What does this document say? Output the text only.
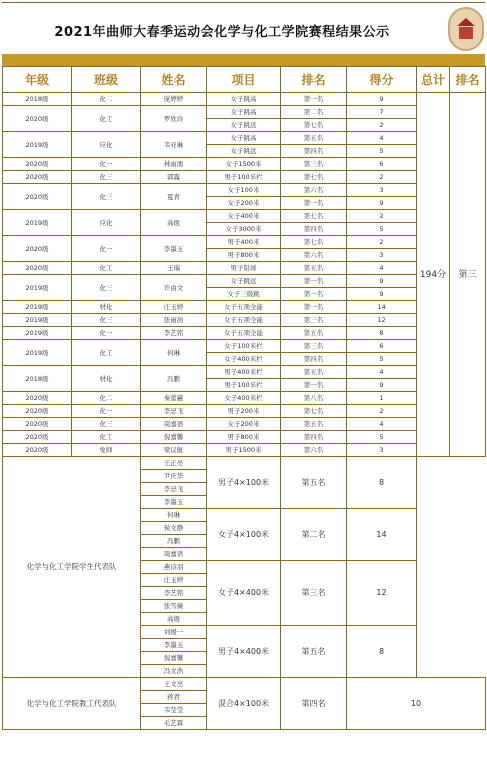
2021年曲师大春季运动会化学与化工学院赛程结果公示
年级	班级	姓名	项目	排名	得分	总计	排名
2018级	化二	庞婷婷	女子跳高	第一名	9	194分	第三
2020级	化工	罗欣玲	女子跳高	第二名	7		
			女子跳远	第七名	2		
2019级	应化	韦亚琳	女子跳高	第五名	4		
			女子跳远	第四名	5		
2020级	化一	林雨澳	女子1500米	第三名	6		
2020级	化三	郭露	男子100米栏	第七名	2		
2020级	化三	夏青	女子100米	第六名	3		
			女子200米	第一名	9		
2019级	应化	高煜	女子400米	第七名	2		
			女子3000米	第四名	5		
2020级	化一	李墨玉	男子400米	第七名	2		
			男子800米	第六名	3		
2020级	化工	王瑞	男子铅球	第五名	4		
2019级	化三	许由文	女子跳远	第一名	9		
			女子三级跳	第一名	9		
2019级	材化	庄玉婷	女子五项全能	第一名	14		
2019级	化三	张雨润	女子五项全能	第三名	12		
2019级	化一	李艺铭	女子五项全能	第五名	8		
2019级	化工	何琳	女子100米栏	第三名	6		
			女子400米栏	第四名	5		
2018级	材化	冯鹏	男子400米栏	第五名	4		
			男子100米栏	第一名	9		
2020级	化二	秦蕾蕙	女子400米栏	第八名	1		
2020级	化一	李忌飞	男子200米	第七名	2		
2020级	化三	周嘉语	女子200米	第五名	4		
2020级	化工	倪嘉馨	男子800米	第四名	5		
2020级	免师	梁议航	男子1500米	第六名	3		
化学与化工学院学生代表队		王正亮	男子4×100米	第五名	8		
		尹庆华					
		李忌飞					
		李墨玉					
		何琳	女子4×100米	第二名	14		
		侯文静					
		冯鹏					
		周嘉语					
		燕诗羽	女子4×400米	第三名	12		
		庄玉婷					
		李艺铭					
		张雪薇					
		高煜					
		刘媛一	男子4×400米	第五名	8		
		李墨玉					
		倪嘉馨					
		冯文浩					
化学与化工学院教工代表队		王文亮	混合4×100米	第四名	10		
		蒋君					
		韦莹莹					
		毛艺霖					
